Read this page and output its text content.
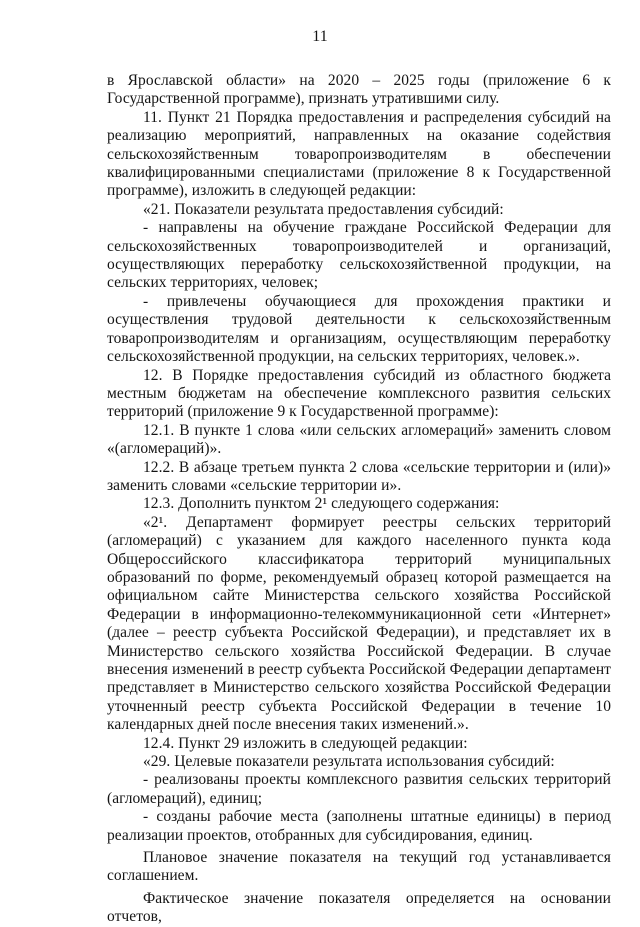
11

в Ярославской области» на 2020 – 2025 годы (приложение 6 к Государственной программе), признать утратившими силу.

11. Пункт 21 Порядка предоставления и распределения субсидий на реализацию мероприятий, направленных на оказание содействия сельскохозяйственным товаропроизводителям в обеспечении квалифицированными специалистами (приложение 8 к Государственной программе), изложить в следующей редакции:

«21. Показатели результата предоставления субсидий:

- направлены на обучение граждане Российской Федерации для сельскохозяйственных товаропроизводителей и организаций, осуществляющих переработку сельскохозяйственной продукции, на сельских территориях, человек;

- привлечены обучающиеся для прохождения практики и осуществления трудовой деятельности к сельскохозяйственным товаропроизводителям и организациям, осуществляющим переработку сельскохозяйственной продукции, на сельских территориях, человек.».

12. В Порядке предоставления субсидий из областного бюджета местным бюджетам на обеспечение комплексного развития сельских территорий (приложение 9 к Государственной программе):

12.1. В пункте 1 слова «или сельских агломераций» заменить словом «(агломераций)».

12.2. В абзаце третьем пункта 2 слова «сельские территории и (или)» заменить словами «сельские территории и».

12.3. Дополнить пунктом 2¹ следующего содержания:

«2¹. Департамент формирует реестры сельских территорий (агломераций) с указанием для каждого населенного пункта кода Общероссийского классификатора территорий муниципальных образований по форме, рекомендуемый образец которой размещается на официальном сайте Министерства сельского хозяйства Российской Федерации в информационно-телекоммуникационной сети «Интернет» (далее – реестр субъекта Российской Федерации), и представляет их в Министерство сельского хозяйства Российской Федерации. В случае внесения изменений в реестр субъекта Российской Федерации департамент представляет в Министерство сельского хозяйства Российской Федерации уточненный реестр субъекта Российской Федерации в течение 10 календарных дней после внесения таких изменений.».

12.4. Пункт 29 изложить в следующей редакции:

«29. Целевые показатели результата использования субсидий:

- реализованы проекты комплексного развития сельских территорий (агломераций), единиц;

- созданы рабочие места (заполнены штатные единицы) в период реализации проектов, отобранных для субсидирования, единиц.

Плановое значение показателя на текущий год устанавливается соглашением.

Фактическое значение показателя определяется на основании отчетов,
